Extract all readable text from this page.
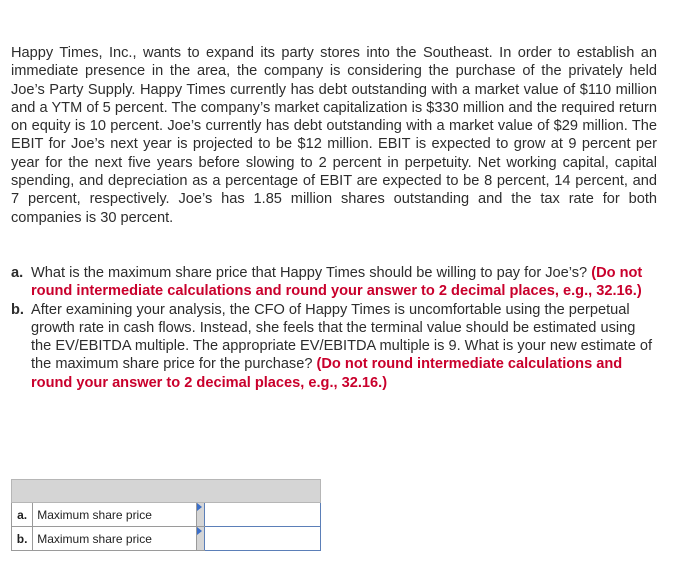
Happy Times, Inc., wants to expand its party stores into the Southeast. In order to establish an immediate presence in the area, the company is considering the purchase of the privately held Joe’s Party Supply. Happy Times currently has debt outstanding with a market value of $110 million and a YTM of 5 percent. The company’s market capitalization is $330 million and the required return on equity is 10 percent. Joe’s currently has debt outstanding with a market value of $29 million. The EBIT for Joe’s next year is projected to be $12 million. EBIT is expected to grow at 9 percent per year for the next five years before slowing to 2 percent in perpetuity. Net working capital, capital spending, and depreciation as a percentage of EBIT are expected to be 8 percent, 14 percent, and 7 percent, respectively. Joe’s has 1.85 million shares outstanding and the tax rate for both companies is 30 percent.
a. What is the maximum share price that Happy Times should be willing to pay for Joe’s? (Do not round intermediate calculations and round your answer to 2 decimal places, e.g., 32.16.)
b. After examining your analysis, the CFO of Happy Times is uncomfortable using the perpetual growth rate in cash flows. Instead, she feels that the terminal value should be estimated using the EV/EBITDA multiple. The appropriate EV/EBITDA multiple is 9. What is your new estimate of the maximum share price for the purchase? (Do not round intermediate calculations and round your answer to 2 decimal places, e.g., 32.16.)

a.	Maximum share price	

b.	Maximum share price	
